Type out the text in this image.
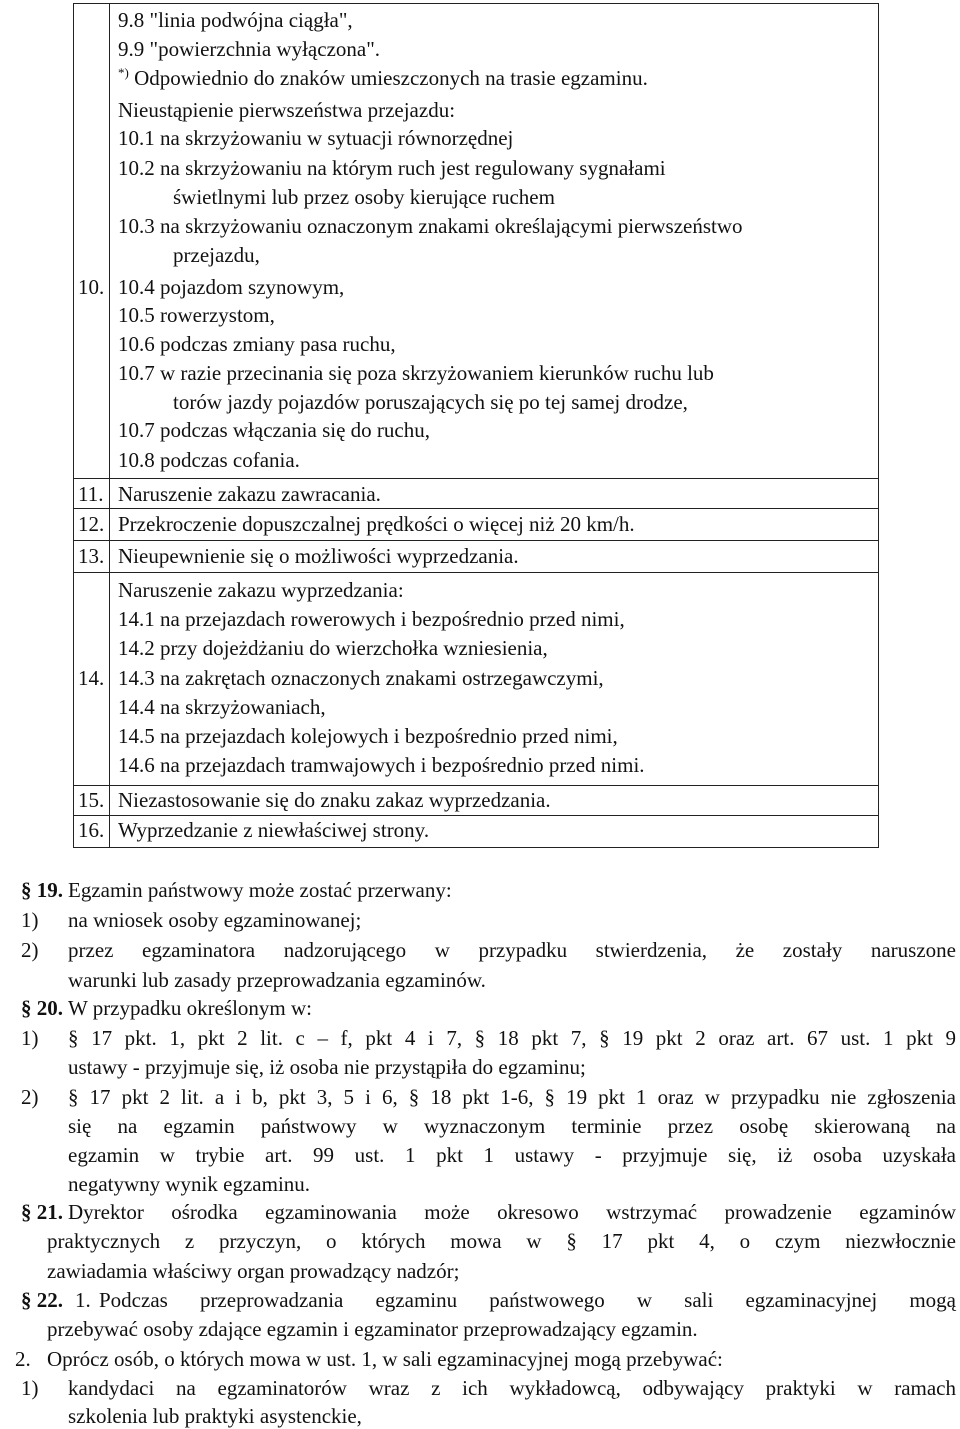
9.8 "linia podwójna ciągła",
9.9 "powierzchnia wyłączona".
*) Odpowiednio do znaków umieszczonych na trasie egzaminu.
10.
Nieustąpienie pierwszeństwa przejazdu:
10.1 na skrzyżowaniu w sytuacji równorzędnej
10.2 na skrzyżowaniu na którym ruch jest regulowany sygnałami
świetlnymi lub przez osoby kierujące ruchem
10.3 na skrzyżowaniu oznaczonym znakami określającymi pierwszeństwo
przejazdu,
10.4 pojazdom szynowym,
10.5 rowerzystom,
10.6 podczas zmiany pasa ruchu,
10.7 w razie przecinania się poza skrzyżowaniem kierunków ruchu lub
torów jazdy pojazdów poruszających się po tej samej drodze,
10.7 podczas włączania się do ruchu,
10.8 podczas cofania.
11. Naruszenie zakazu zawracania.
12. Przekroczenie dopuszczalnej prędkości o więcej niż 20 km/h.
13. Nieupewnienie się o możliwości wyprzedzania.
14.
Naruszenie zakazu wyprzedzania:
14.1 na przejazdach rowerowych i bezpośrednio przed nimi,
14.2 przy dojeżdżaniu do wierzchołka wzniesienia,
14.3 na zakrętach oznaczonych znakami ostrzegawczymi,
14.4 na skrzyżowaniach,
14.5 na przejazdach kolejowych i bezpośrednio przed nimi,
14.6 na przejazdach tramwajowych i bezpośrednio przed nimi.
15. Niezastosowanie się do znaku zakaz wyprzedzania.
16. Wyprzedzanie z niewłaściwej strony.
§ 19. Egzamin państwowy może zostać przerwany:
1) na wniosek osoby egzaminowanej;
2) przez egzaminatora nadzorującego w przypadku stwierdzenia, że zostały naruszone
warunki lub zasady przeprowadzania egzaminów.
§ 20. W przypadku określonym w:
1) § 17 pkt. 1, pkt 2 lit. c – f, pkt 4 i 7, § 18 pkt 7, § 19 pkt 2 oraz art. 67 ust. 1 pkt 9
ustawy - przyjmuje się, iż osoba nie przystąpiła do egzaminu;
2) § 17 pkt 2 lit. a i b, pkt 3, 5 i 6, § 18 pkt 1-6, § 19 pkt 1 oraz w przypadku nie zgłoszenia
się na egzamin państwowy w wyznaczonym terminie przez osobę skierowaną na
egzamin w trybie art. 99 ust. 1 pkt 1 ustawy - przyjmuje się, iż osoba uzyskała
negatywny wynik egzaminu.
§ 21. Dyrektor ośrodka egzaminowania może okresowo wstrzymać prowadzenie egzaminów
praktycznych z przyczyn, o których mowa w § 17 pkt 4, o czym niezwłocznie
zawiadamia właściwy organ prowadzący nadzór;
§ 22. 1. Podczas przeprowadzania egzaminu państwowego w sali egzaminacyjnej mogą
przebywać osoby zdające egzamin i egzaminator przeprowadzający egzamin.
2. Oprócz osób, o których mowa w ust. 1, w sali egzaminacyjnej mogą przebywać:
1) kandydaci na egzaminatorów wraz z ich wykładowcą, odbywający praktyki w ramach
szkolenia lub praktyki asystenckie,
